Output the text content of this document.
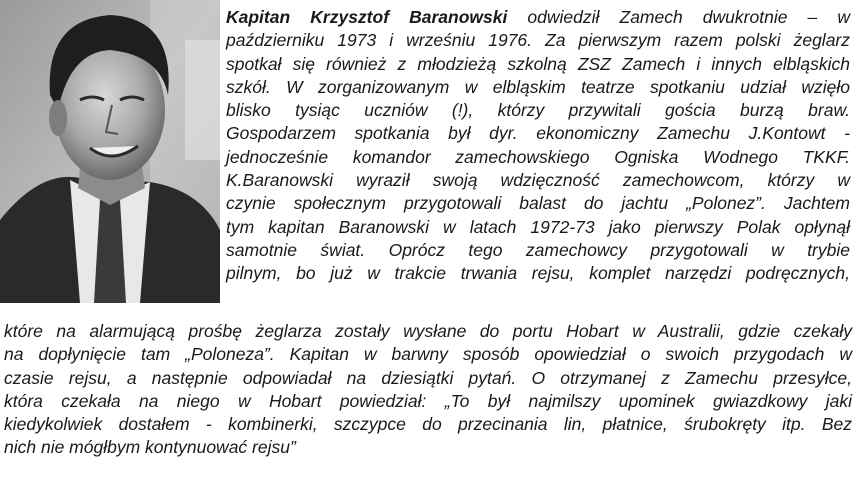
Kapitan Krzysztof Baranowski odwiedził Zamech dwukrotnie – w
październiku 1973 i wrześniu 1976. Za pierwszym razem polski żeglarz
spotkał się również z młodzieżą szkolną ZSZ Zamech i innych elbląskich
szkół. W zorganizowanym w elbląskim teatrze spotkaniu udział wzięło
blisko tysiąc uczniów (!), którzy przywitali gościa burzą braw.
Gospodarzem spotkania był dyr. ekonomiczny Zamechu J.Kontowt -
jednocześnie komandor zamechowskiego Ogniska Wodnego TKKF.
K.Baranowski wyraził swoją wdzięczność zamechowcom, którzy w
czynie społecznym przygotowali balast do jachtu „Polonez”. Jachtem
tym kapitan Baranowski w latach 1972-73 jako pierwszy Polak opłynął
samotnie świat. Oprócz tego zamechowcy przygotowali w trybie
pilnym, bo już w trakcie trwania rejsu, komplet narzędzi podręcznych,
które na alarmującą prośbę żeglarza zostały wysłane do portu Hobart w Australii, gdzie czekały
na dopłynięcie tam „Poloneza”. Kapitan w barwny sposób opowiedział o swoich przygodach w
czasie rejsu, a następnie odpowiadał na dziesiątki pytań. O otrzymanej z Zamechu przesyłce,
która czekała na niego w Hobart powiedział: „To był najmilszy upominek gwiazdkowy jaki
kiedykolwiek dostałem - kombinerki, szczypce do przecinania lin, płatnice, śrubokręty itp. Bez
nich nie mógłbym kontynuować rejsu”
